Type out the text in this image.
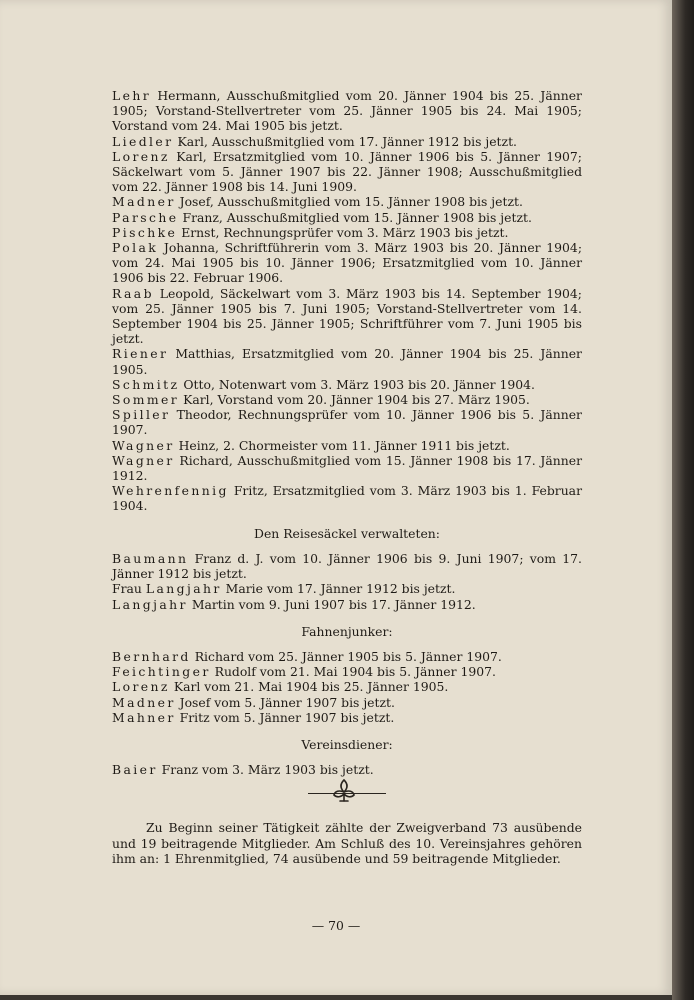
Lehr Hermann, Ausschußmitglied vom 20. Jänner 1904 bis 25. Jänner 1905; Vorstand-Stellvertreter vom 25. Jänner 1905 bis 24. Mai 1905; Vorstand vom 24. Mai 1905 bis jetzt.
Liedler Karl, Ausschußmitglied vom 17. Jänner 1912 bis jetzt.
Lorenz Karl, Ersatzmitglied vom 10. Jänner 1906 bis 5. Jänner 1907; Säckelwart vom 5. Jänner 1907 bis 22. Jänner 1908; Ausschußmitglied vom 22. Jänner 1908 bis 14. Juni 1909.
Madner Josef, Ausschußmitglied vom 15. Jänner 1908 bis jetzt.
Parsche Franz, Ausschußmitglied vom 15. Jänner 1908 bis jetzt.
Pischke Ernst, Rechnungsprüfer vom 3. März 1903 bis jetzt.
Polak Johanna, Schriftführerin vom 3. März 1903 bis 20. Jänner 1904; vom 24. Mai 1905 bis 10. Jänner 1906; Ersatzmitglied vom 10. Jänner 1906 bis 22. Februar 1906.
Raab Leopold, Säckelwart vom 3. März 1903 bis 14. September 1904; vom 25. Jänner 1905 bis 7. Juni 1905; Vorstand-Stellvertreter vom 14. September 1904 bis 25. Jänner 1905; Schriftführer vom 7. Juni 1905 bis jetzt.
Riener Matthias, Ersatzmitglied vom 20. Jänner 1904 bis 25. Jänner 1905.
Schmitz Otto, Notenwart vom 3. März 1903 bis 20. Jänner 1904.
Sommer Karl, Vorstand vom 20. Jänner 1904 bis 27. März 1905.
Spiller Theodor, Rechnungsprüfer vom 10. Jänner 1906 bis 5. Jänner 1907.
Wagner Heinz, 2. Chormeister vom 11. Jänner 1911 bis jetzt.
Wagner Richard, Ausschußmitglied vom 15. Jänner 1908 bis 17. Jänner 1912.
Wehrenfennig Fritz, Ersatzmitglied vom 3. März 1903 bis 1. Februar 1904.
Den Reisesäckel verwalteten:
Baumann Franz d. J. vom 10. Jänner 1906 bis 9. Juni 1907; vom 17. Jänner 1912 bis jetzt.
Frau Langjahr Marie vom 17. Jänner 1912 bis jetzt.
Langjahr Martin vom 9. Juni 1907 bis 17. Jänner 1912.
Fahnenjunker:
Bernhard Richard vom 25. Jänner 1905 bis 5. Jänner 1907.
Feichtinger Rudolf vom 21. Mai 1904 bis 5. Jänner 1907.
Lorenz Karl vom 21. Mai 1904 bis 25. Jänner 1905.
Madner Josef vom 5. Jänner 1907 bis jetzt.
Mahner Fritz vom 5. Jänner 1907 bis jetzt.
Vereinsdiener:
Baier Franz vom 3. März 1903 bis jetzt.
Zu Beginn seiner Tätigkeit zählte der Zweigverband 73 ausübende und 19 beitragende Mitglieder. Am Schluß des 10. Vereinsjahres gehören ihm an: 1 Ehrenmitglied, 74 ausübende und 59 beitragende Mitglieder.
— 70 —
